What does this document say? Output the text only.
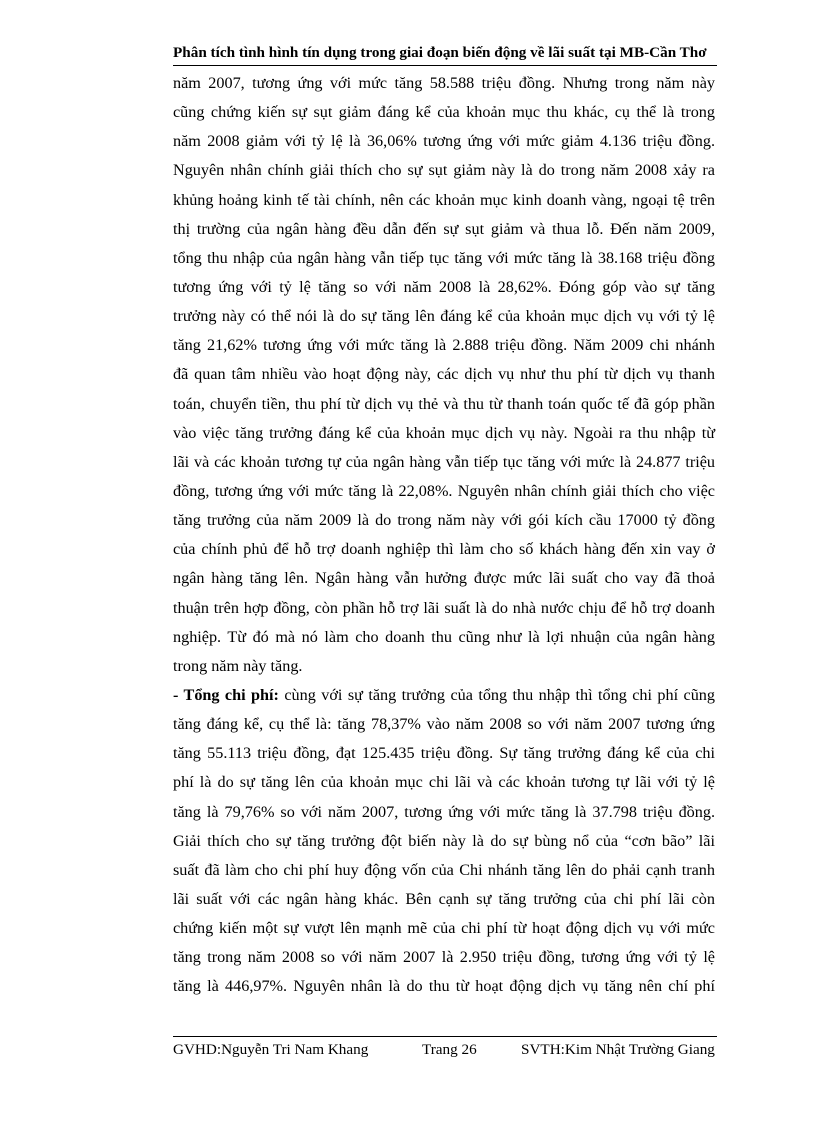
Phân tích tình hình tín dụng trong giai đoạn biến động về lãi suất tại MB-Cần Thơ
năm 2007, tương ứng với mức tăng 58.588 triệu đồng. Nhưng trong năm này
cũng chứng kiến sự sụt giảm đáng kể của khoản mục thu khác, cụ thể là trong
năm 2008 giảm với tỷ lệ là 36,06% tương ứng với mức giảm 4.136 triệu đồng.
Nguyên nhân chính giải thích cho sự sụt giảm này là do trong năm 2008 xảy ra
khủng hoảng kinh tế tài chính, nên các khoản mục kinh doanh vàng, ngoại tệ trên
thị trường của ngân hàng đều dẫn đến sự sụt giảm và thua lỗ. Đến năm 2009,
tổng thu nhập của ngân hàng vẫn tiếp tục tăng với mức tăng là 38.168 triệu đồng
tương ứng với tỷ lệ tăng so với năm 2008 là 28,62%. Đóng góp vào sự tăng
trưởng này có thể nói là do sự tăng lên đáng kể của khoản mục dịch vụ với tỷ lệ
tăng 21,62% tương ứng với mức tăng là 2.888 triệu đồng. Năm 2009 chi nhánh
đã quan tâm nhiều vào hoạt động này, các dịch vụ như thu phí từ dịch vụ thanh
toán, chuyển tiền, thu phí từ dịch vụ thẻ và thu từ thanh toán quốc tế đã góp phần
vào việc tăng trưởng đáng kể của khoản mục dịch vụ này. Ngoài ra thu nhập từ
lãi và các khoản tương tự của ngân hàng vẫn tiếp tục tăng với mức là 24.877 triệu
đồng, tương ứng với mức tăng là 22,08%. Nguyên nhân chính giải thích cho việc
tăng trưởng của năm 2009 là do trong năm này với gói kích cầu 17000 tỷ đồng
của chính phủ để hỗ trợ doanh nghiệp thì làm cho số khách hàng đến xin vay ở
ngân hàng tăng lên. Ngân hàng vẫn hưởng được mức lãi suất cho vay đã thoả
thuận trên hợp đồng, còn phần hỗ trợ lãi suất là do nhà nước chịu để hỗ trợ doanh
nghiệp. Từ đó mà nó làm cho doanh thu cũng như là lợi nhuận của ngân hàng
trong năm này tăng.
- Tổng chi phí: cùng với sự tăng trưởng của tổng thu nhập thì tổng chi phí cũng
tăng đáng kể, cụ thể là: tăng 78,37% vào năm 2008 so với năm 2007 tương ứng
tăng 55.113 triệu đồng, đạt 125.435 triệu đồng. Sự tăng trưởng đáng kể của chi
phí là do sự tăng lên của khoản mục chi lãi và các khoản tương tự lãi với tỷ lệ
tăng là 79,76% so với năm 2007, tương ứng với mức tăng là 37.798 triệu đồng.
Giải thích cho sự tăng trưởng đột biến này là do sự bùng nổ của “cơn bão” lãi
suất đã làm cho chi phí huy động vốn của Chi nhánh tăng lên do phải cạnh tranh
lãi suất với các ngân hàng khác. Bên cạnh sự tăng trưởng của chi phí lãi còn
chứng kiến một sự vượt lên mạnh mẽ của chi phí từ hoạt động dịch vụ với mức
tăng trong năm 2008 so với năm 2007 là 2.950 triệu đồng, tương ứng với tỷ lệ
tăng là 446,97%. Nguyên nhân là do thu từ hoạt động dịch vụ tăng nên chí phí
GVHD:Nguyễn Tri Nam Khang	Trang 26	SVTH:Kim Nhật Trường Giang
